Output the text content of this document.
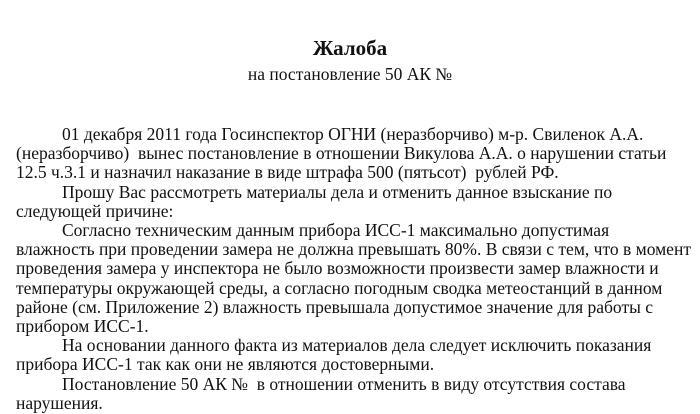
Жалоба
на постановление 50 АК №
01 декабря 2011 года Госинспектор ОГНИ (неразборчиво) м-р. Свиленок А.А.
(неразборчиво)  вынес постановление в отношении Викулова А.А. о нарушении статьи
12.5 ч.3.1 и назначил наказание в виде штрафа 500 (пятьсот)  рублей РФ.
Прошу Вас рассмотреть материалы дела и отменить данное взыскание по
следующей причине:
Согласно техническим данным прибора ИСС-1 максимально допустимая
влажность при проведении замера не должна превышать 80%. В связи с тем, что в момент
проведения замера у инспектора не было возможности произвести замер влажности и
температуры окружающей среды, а согласно погодным сводка метеостанций в данном
районе (см. Приложение 2) влажность превышала допустимое значение для работы с
прибором ИСС-1.
На основании данного факта из материалов дела следует исключить показания
прибора ИСС-1 так как они не являются достоверными.
Постановление 50 АК №  в отношении отменить в виду отсутствия состава
нарушения.
